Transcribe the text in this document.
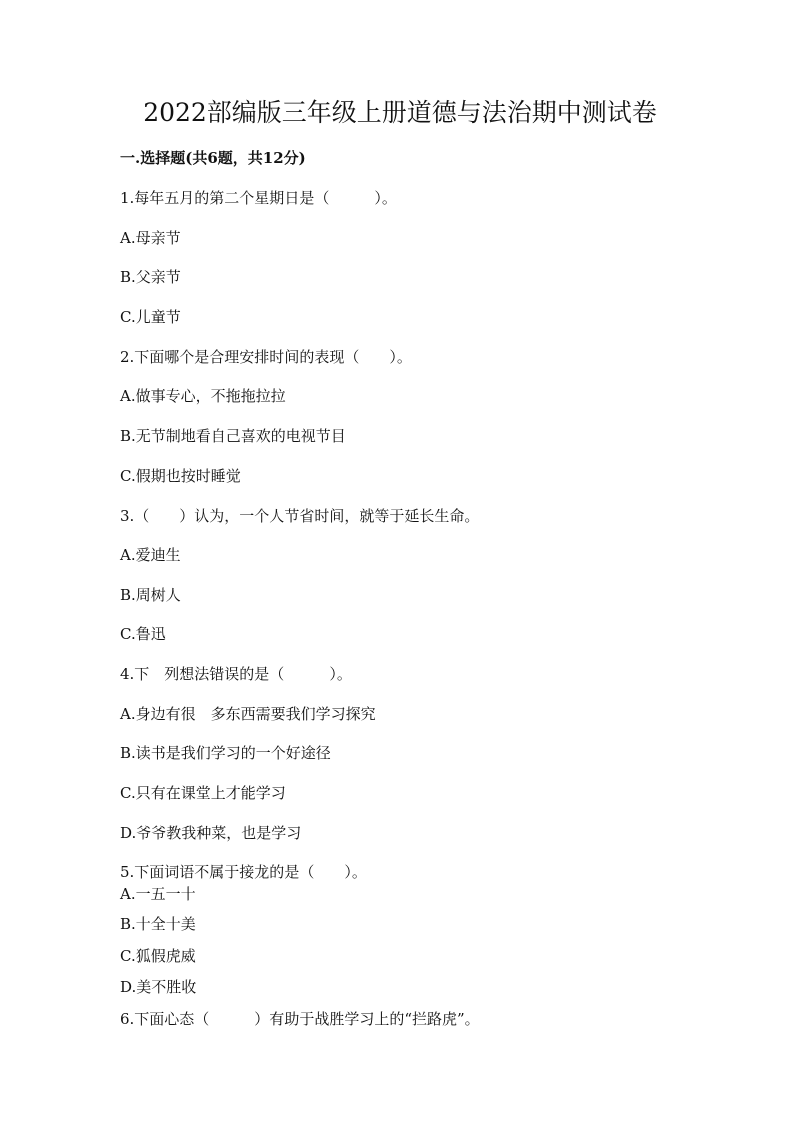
2022部编版三年级上册道德与法治期中测试卷
一.选择题(共6题，共12分)
1.每年五月的第二个星期日是（　　　）。
A.母亲节
B.父亲节
C.儿童节
2.下面哪个是合理安排时间的表现（　　）。
A.做事专心，不拖拖拉拉
B.无节制地看自己喜欢的电视节目
C.假期也按时睡觉
3.（　　）认为，一个人节省时间，就等于延长生命。
A.爱迪生
B.周树人
C.鲁迅
4.下　列想法错误的是（　　　）。
A.身边有很　多东西需要我们学习探究
B.读书是我们学习的一个好途径
C.只有在课堂上才能学习
D.爷爷教我种菜，也是学习
5.下面词语不属于接龙的是（　　）。
A.一五一十
B.十全十美
C.狐假虎威
D.美不胜收
6.下面心态（　　　）有助于战胜学习上的“拦路虎”。
